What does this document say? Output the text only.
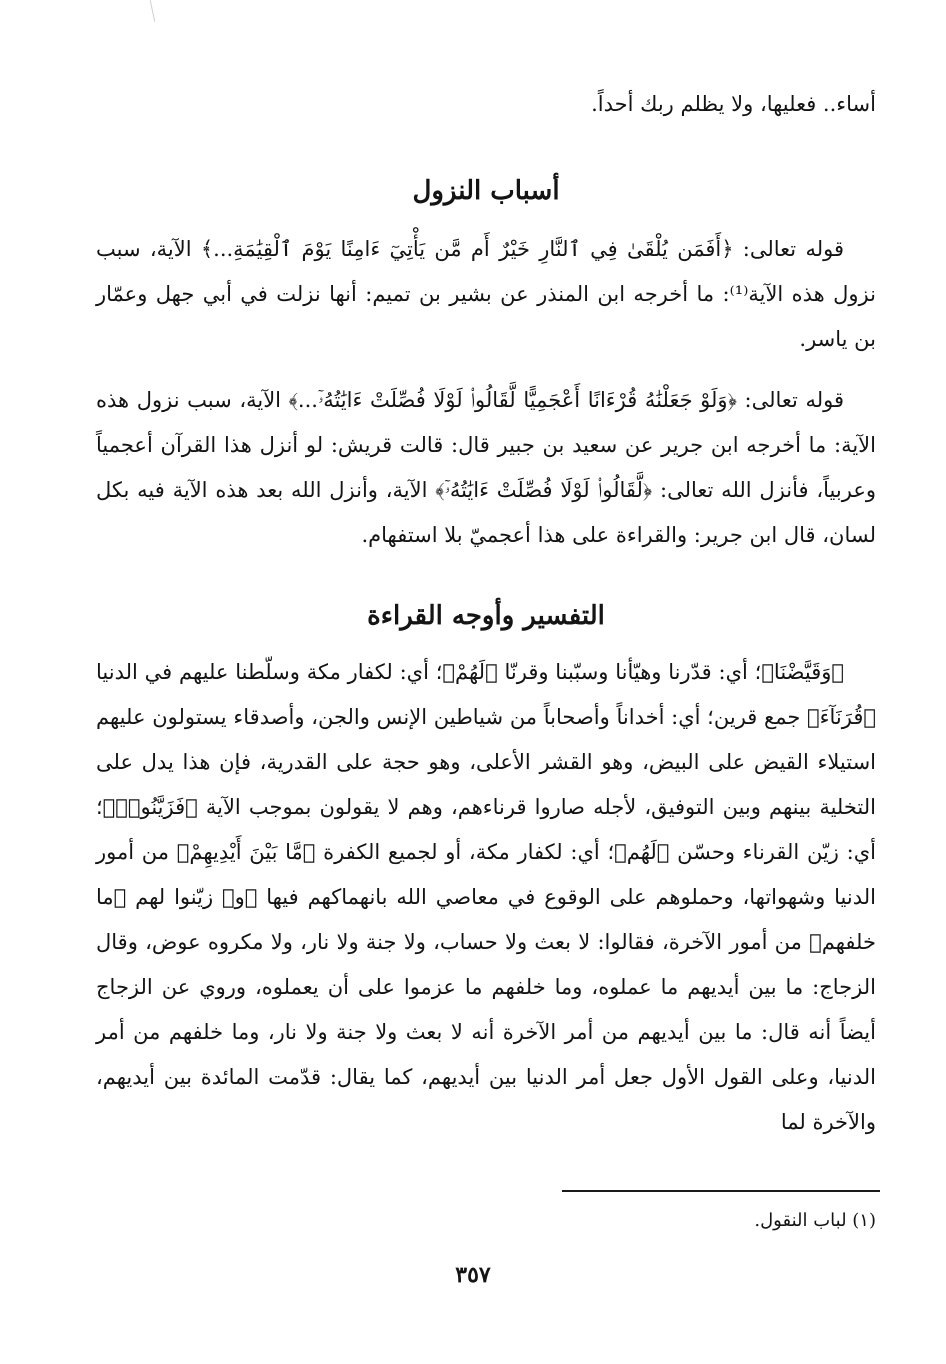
أساء.. فعليها، ولا يظلم ربك أحداً.

أسباب النزول

قوله تعالى: ﴿أَفَمَن يُلْقَىٰ فِي ٱلنَّارِ خَيْرٌ أَم مَّن يَأْتِيٓ ءَامِنًا يَوْمَ ٱلْقِيَٰمَةِ...﴾ الآية، سبب نزول هذه الآية⁽¹⁾: ما أخرجه ابن المنذر عن بشير بن تميم: أنها نزلت في أبي جهل وعمّار بن ياسر.

قوله تعالى: ﴿وَلَوْ جَعَلْنَٰهُ قُرْءَانًا أَعْجَمِيًّا لَّقَالُوا۟ لَوْلَا فُصِّلَتْ ءَايَٰتُهُۥٓ...﴾ الآية، سبب نزول هذه الآية: ما أخرجه ابن جرير عن سعيد بن جبير قال: قالت قريش: لو أنزل هذا القرآن أعجمياً وعربياً، فأنزل الله تعالى: ﴿لَّقَالُوا۟ لَوْلَا فُصِّلَتْ ءَايَٰتُهُۥٓ﴾ الآية، وأنزل الله بعد هذه الآية فيه بكل لسان، قال ابن جرير: والقراءة على هذا أعجميّ بلا استفهام.

التفسير وأوجه القراءة

﴿وَقَيَّضْنَا﴾؛ أي: قدّرنا وهيّأنا وسبّبنا وقرنّا ﴿لَهُمْ﴾؛ أي: لكفار مكة وسلّطنا عليهم في الدنيا ﴿قُرَنَآءَ﴾ جمع قرين؛ أي: أخداناً وأصحاباً من شياطين الإنس والجن، وأصدقاء يستولون عليهم استيلاء القيض على البيض، وهو القشر الأعلى، وهو حجة على القدرية، فإن هذا يدل على التخلية بينهم وبين التوفيق، لأجله صاروا قرناءهم، وهم لا يقولون بموجب الآية ﴿فَزَيَّنُوا۟﴾؛ أي: زيّن القرناء وحسّن ﴿لَهُم﴾؛ أي: لكفار مكة، أو لجميع الكفرة ﴿مَّا بَيْنَ أَيْدِيهِمْ﴾ من أمور الدنيا وشهواتها، وحملوهم على الوقوع في معاصي الله بانهماكهم فيها ﴿و﴾ زيّنوا لهم ﴿ما خلفهم﴾ من أمور الآخرة، فقالوا: لا بعث ولا حساب، ولا جنة ولا نار، ولا مكروه عوض، وقال الزجاج: ما بين أيديهم ما عملوه، وما خلفهم ما عزموا على أن يعملوه، وروي عن الزجاج أيضاً أنه قال: ما بين أيديهم من أمر الآخرة أنه لا بعث ولا جنة ولا نار، وما خلفهم من أمر الدنيا، وعلى القول الأول جعل أمر الدنيا بين أيديهم، كما يقال: قدّمت المائدة بين أيديهم، والآخرة لما

(١) لباب النقول.
٣٥٧
